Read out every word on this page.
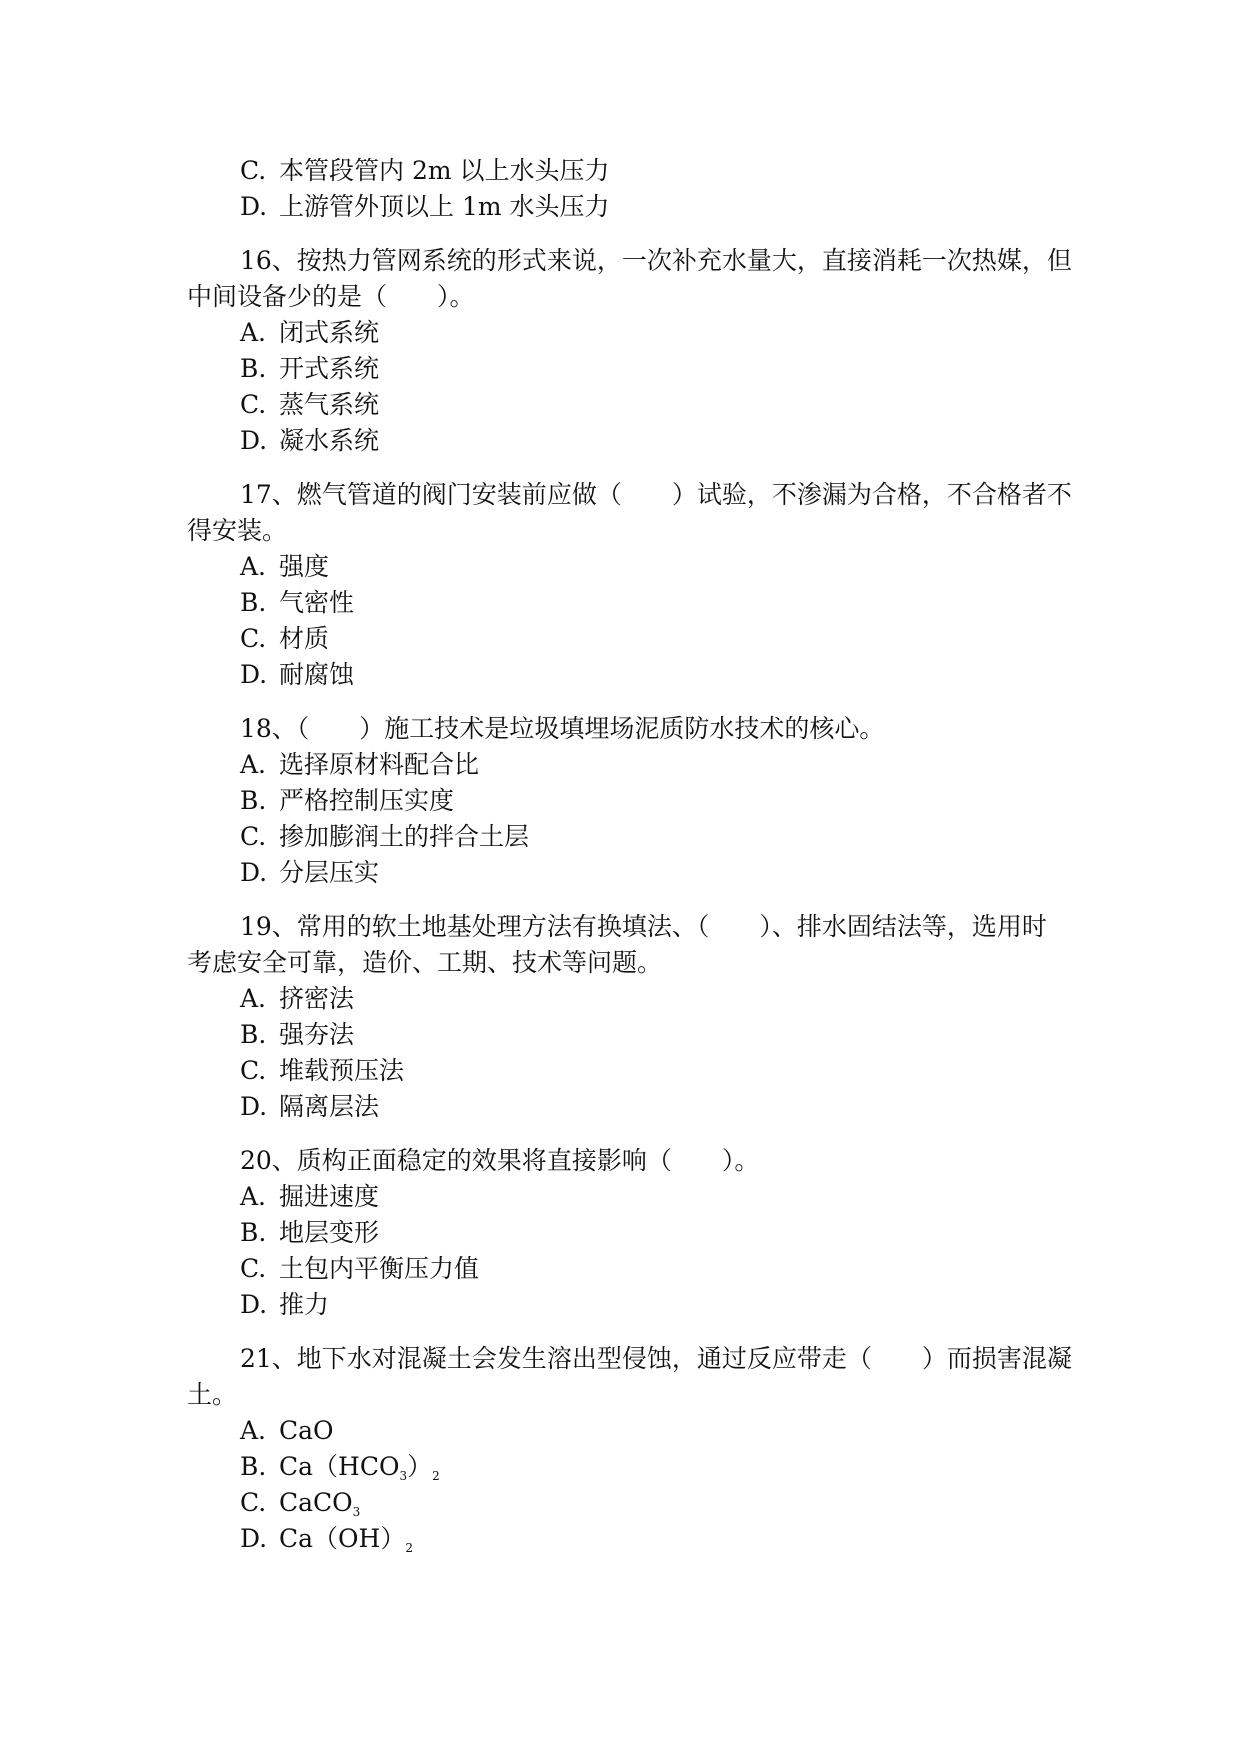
C. 本管段管内 2m 以上水头压力
D. 上游管外顶以上 1m 水头压力
16、按热力管网系统的形式来说，一次补充水量大，直接消耗一次热媒，但
中间设备少的是（　　）。
A. 闭式系统
B. 开式系统
C. 蒸气系统
D. 凝水系统
17、燃气管道的阀门安装前应做（　　）试验，不渗漏为合格，不合格者不
得安装。
A. 强度
B. 气密性
C. 材质
D. 耐腐蚀
18、（　　）施工技术是垃圾填埋场泥质防水技术的核心。
A. 选择原材料配合比
B. 严格控制压实度
C. 掺加膨润土的拌合土层
D. 分层压实
19、常用的软土地基处理方法有换填法、（　　）、排水固结法等，选用时
考虑安全可靠，造价、工期、技术等问题。
A. 挤密法
B. 强夯法
C. 堆载预压法
D. 隔离层法
20、质构正面稳定的效果将直接影响（　　）。
A. 掘进速度
B. 地层变形
C. 土包内平衡压力值
D. 推力
21、地下水对混凝土会发生溶出型侵蚀，通过反应带走（　　）而损害混凝
土。
A. CaO
B. $Ca(HCO_3)_2$
C. CaCO$_3$
D. $Ca(OH)_2$
